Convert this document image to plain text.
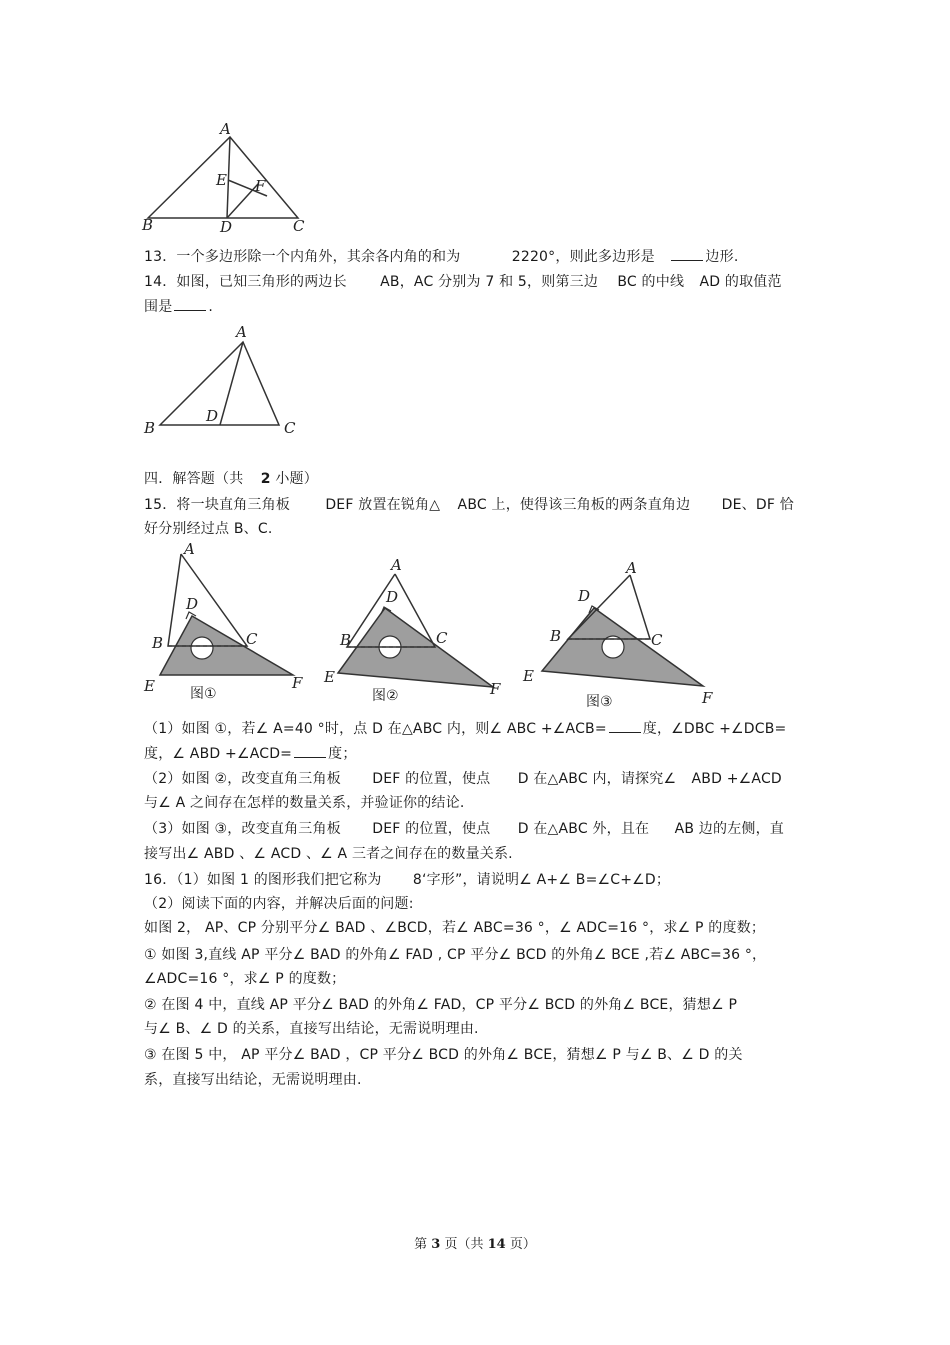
A
B	C
D
E F
13．一个多边形除一个内角外，其余各内角的和为	2220°，则此多边形是	边形.
14．如图，已知三角形的两边长 AB，AC 分别为 7 和 5，则第三边 BC 的中线 AD 的取值范
围是	.
A
B	C
D
四．解答题（共 2 小题）
15．将一块直角三角板	DEF 放置在锐角△ ABC 上，使得该三角板的两条直角边 DE、DF 恰
好分别经过点 B、C.
A
B	C
D
E	F
图①
A
B	C
D
E
F
图②
A
B	C
D
E
F
图③
（1）如图 ①，若∠ A=40 °时，点 D 在△ABC 内，则∠ ABC +∠ACB=	度，∠DBC +∠DCB=
度，∠ ABD +∠ACD=	度；
（2）如图 ②，改变直角三角板 DEF 的位置，使点 D 在△ABC 内，请探究∠ ABD +∠ACD
与∠ A 之间存在怎样的数量关系，并验证你的结论.
（3）如图 ③，改变直角三角板 DEF 的位置，使点 D 在△ABC 外，且在 AB 边的左侧，直
接写出∠ ABD 、∠ ACD 、∠ A 三者之间存在的数量关系.
16．（1）如图 1 的图形我们把它称为 8‘字形”，请说明∠ A+∠ B=∠C+∠D；
（2）阅读下面的内容，并解决后面的问题:
如图 2， AP、CP 分别平分∠ BAD 、∠BCD，若∠ ABC=36 °，∠ ADC=16 °，求∠ P 的度数；
① 如图 3,直线 AP 平分∠ BAD 的外角∠ FAD , CP 平分∠ BCD 的外角∠ BCE ,若∠ ABC=36 °，
∠ADC=16 °，求∠ P 的度数；
② 在图 4 中，直线 AP 平分∠ BAD 的外角∠ FAD，CP 平分∠ BCD 的外角∠ BCE，猜想∠ P
与∠ B、∠ D 的关系，直接写出结论，无需说明理由.
③ 在图 5 中， AP 平分∠ BAD ，CP 平分∠ BCD 的外角∠ BCE，猜想∠ P 与∠ B、∠ D 的关
系，直接写出结论，无需说明理由.
第 3 页（共 14 页）
